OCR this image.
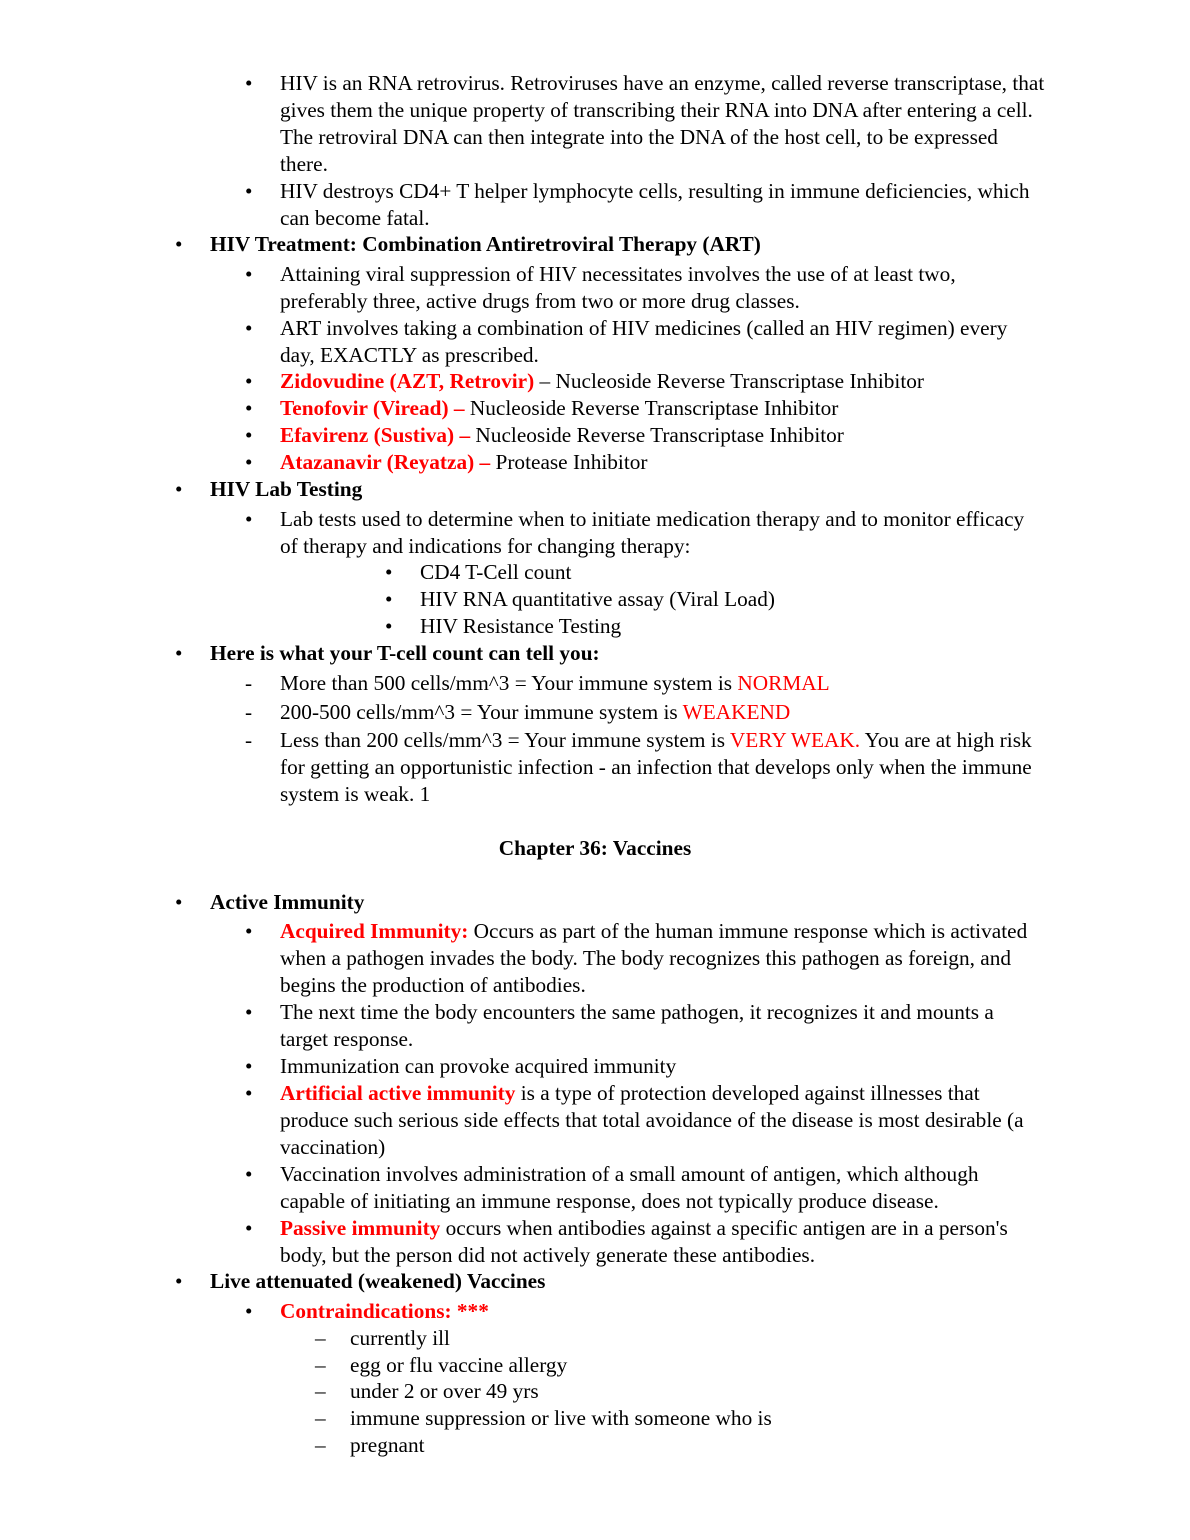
• HIV is an RNA retrovirus. Retroviruses have an enzyme, called reverse transcriptase, that
gives them the unique property of transcribing their RNA into DNA after entering a cell.
The retroviral DNA can then integrate into the DNA of the host cell, to be expressed
there.
• HIV destroys CD4+ T helper lymphocyte cells, resulting in immune deficiencies, which
can become fatal.
• HIV Treatment: Combination Antiretroviral Therapy (ART)
• Attaining viral suppression of HIV necessitates involves the use of at least two,
preferably three, active drugs from two or more drug classes.
• ART involves taking a combination of HIV medicines (called an HIV regimen) every
day, EXACTLY as prescribed.
• Zidovudine (AZT, Retrovir) – Nucleoside Reverse Transcriptase Inhibitor
• Tenofovir (Viread) – Nucleoside Reverse Transcriptase Inhibitor
• Efavirenz (Sustiva) – Nucleoside Reverse Transcriptase Inhibitor
• Atazanavir (Reyatza) – Protease Inhibitor
• HIV Lab Testing
• Lab tests used to determine when to initiate medication therapy and to monitor efficacy
of therapy and indications for changing therapy:
• CD4 T-Cell count
• HIV RNA quantitative assay (Viral Load)
• HIV Resistance Testing
• Here is what your T-cell count can tell you:
- More than 500 cells/mm^3 = Your immune system is NORMAL
- 200-500 cells/mm^3 = Your immune system is WEAKEND
- Less than 200 cells/mm^3 = Your immune system is VERY WEAK. You are at high risk
for getting an opportunistic infection - an infection that develops only when the immune
system is weak. 1
Chapter 36: Vaccines
• Active Immunity
• Acquired Immunity: Occurs as part of the human immune response which is activated
when a pathogen invades the body. The body recognizes this pathogen as foreign, and
begins the production of antibodies.
• The next time the body encounters the same pathogen, it recognizes it and mounts a
target response.
• Immunization can provoke acquired immunity
• Artificial active immunity is a type of protection developed against illnesses that
produce such serious side effects that total avoidance of the disease is most desirable (a
vaccination)
• Vaccination involves administration of a small amount of antigen, which although
capable of initiating an immune response, does not typically produce disease.
• Passive immunity occurs when antibodies against a specific antigen are in a person's
body, but the person did not actively generate these antibodies.
• Live attenuated (weakened) Vaccines
• Contraindications: ***
– currently ill
– egg or flu vaccine allergy
– under 2 or over 49 yrs
– immune suppression or live with someone who is
– pregnant
